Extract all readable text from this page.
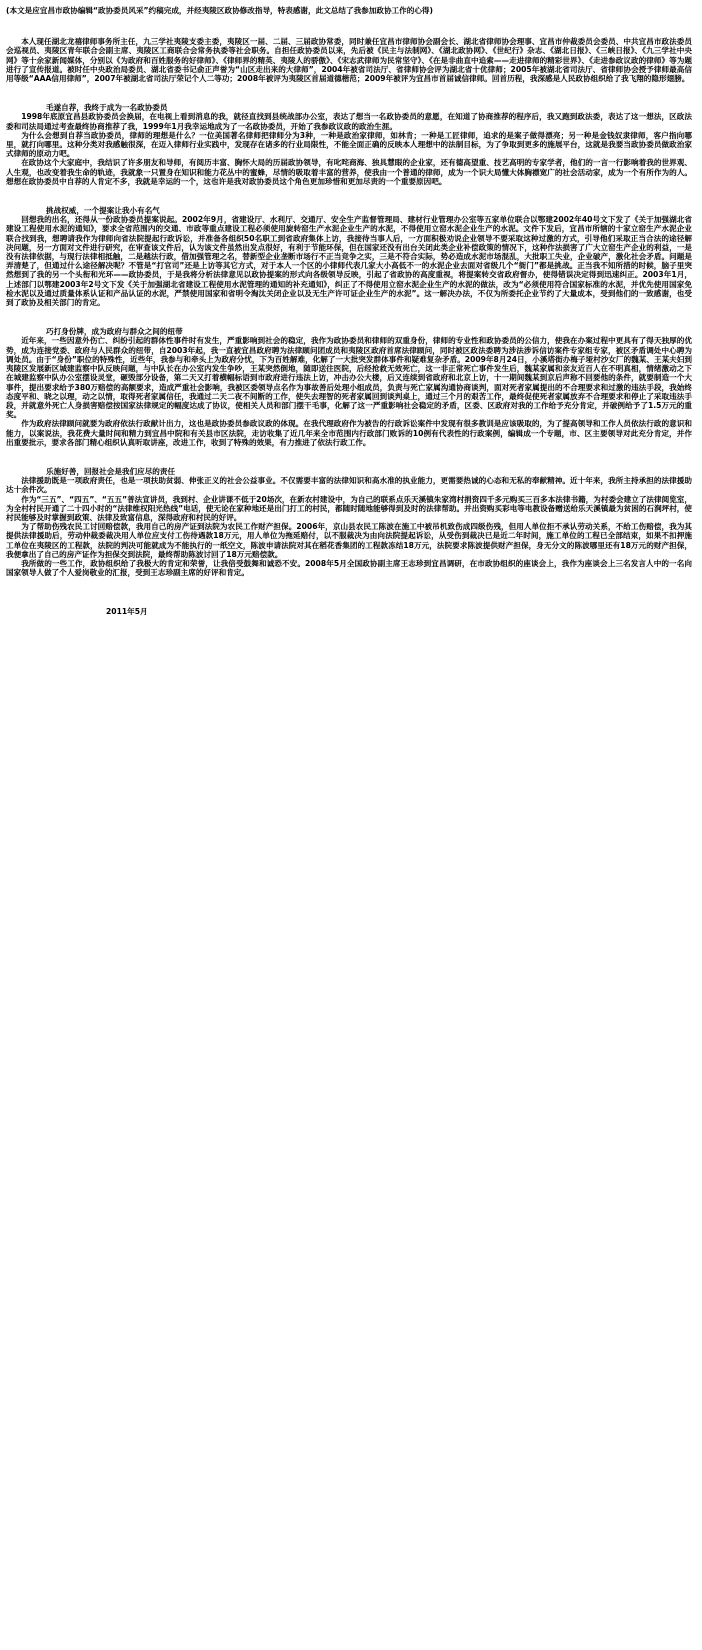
(本文是应宜昌市政协编辑“政协委员风采”约稿完成，并经夷陵区政协修改指导，特表感谢，此文总结了我参加政协工作的心得)

本人现任湖北龙禧律师事务所主任，九三学社夷陵支委主委，夷陵区一届、二届、三届政协常委，同时兼任宜昌市律师协会副会长、湖北省律师协会理事、宜昌市仲裁委员会委员、中共宜昌市政法委员会巡视员、夷陵区青年联合会副主席、夷陵区工商联合会常务执委等社会职务。自担任政协委员以来，先后被《民主与法制网》、《湖北政协网》、《世纪行》杂志、《湖北日报》、《三峡日报》、《九三学社中央网》等十余家新闻媒体，分别以《为政府和百姓服务的好律师》、《律师界的精英、夷陵人的骄傲》、《宋志武律师为民常坚守》、《在是非曲直中追索——走进律师的精彩世界》、《走进参政议政的律师》等为题进行了宣传报道。被时任中央政治局委员、湖北省委书记俞正声誉为“山区走出来的大律师”，2004年被省司法厅、省律师协会评为湖北省十优律师；2005年被湖北省司法厅、省律师协会授予律师最高信用等级“AAA信用律师”，2007年被湖北省司法厅荣记个人二等功；2008年被评为夷陵区首届道德楷范；2009年被评为宜昌市首届诚信律师。回首历程，我深感是人民政协组织给了我飞翔的隐形翅膀。

毛遂自荐，我终于成为一名政协委员

1998年底原宜昌县政协委员会换届，在电视上看到消息的我，就径直找到县统战部办公室，表达了想当一名政协委员的意愿，在知道了协商推荐的程序后，我又跑到政法委，表达了这一想法，区政法委和司法局通过考查最终协商推荐了我，1999年1月我幸运地成为了一名政协委员，开始了我参政议政的政治生涯。

为什么会想到自荐当政协委员，律师的理想是什么？一位美国著名律师把律师分为3种，一种是政治家律师，如林肯；一种是工匠律师，追求的是案子做得漂亮；另一种是金钱奴隶律师，客户指向哪里，就打向哪里。这种分类对我感触很深，在迈入律师行业实践中，发现存在诸多的行业局限性，不能全面正确的反映本人理想中的法制目标，为了争取到更多的施展平台，这就是我要当政协委员做政治家式律师的原动力吧。

在政协这个大家庭中，我结识了许多朋友和导师，有阅历丰富、胸怀大局的历届政协领导，有叱咤商海、独具慧眼的企业家，还有德高望重、技艺高明的专家学者，他们的一言一行影响着我的世界观、人生观，也改变着我生命的轨迹，我就象一只置身在知识和能力花丛中的蜜蜂，尽情的吸取着丰富的营养，使我由一个普通的律师，成为一个识大局懂大体胸襟宽广的社会活动家，成为一个有所作为的人。想想在政协委员中自荐的人肯定不多，我就是幸运的一个，这也许是我对政协委员这个角色更加珍惜和更加尽责的一个重要原因吧。

挑战权威，一个提案让我小有名气

回想我的出名，还得从一份政协委员提案说起。2002年9月，省建设厅、水利厅、交通厅、安全生产监督管理局、建材行业管理办公室等五家单位联合以鄂建2002年40号文下发了《关于加强湖北省建设工程使用水泥的通知》，要求全省范围内的交通、市政等重点建设工程必须使用旋转窑生产水泥企业生产的水泥，不得使用立窑水泥企业生产的水泥。文件下发后，宜昌市所辖的十家立窑生产水泥企业联合找到我，想聘请我作为律师向省法院提起行政诉讼，并准备各组织50名职工到省政府集体上访，我接待当事人后，一方面积极劝说企业领导不要采取这种过激的方式，引导他们采取正当合法的途径解决问题，另一方面对文件进行研究，在审查该文件后，认为该文件虽然出发点很好，有利于节能环保，但在国家还没有出台关闭此类企业补偿政策的情况下，这种作法损害了广大立窑生产企业的利益，一是没有法律依据，与现行法律相抵触，二是越法行政，借加强管理之名，替新型企业垄断市场行不正当竞争之实，三是不符合实际，势必造成水泥市场混乱，大批职工失业，企业破产，激化社会矛盾。问题是弄清楚了，但通过什么途径解决呢？不管是“打官司”还是上访等其它方式，对于本人一个区的小律师代表几家大小高低不一的水泥企业去面对省级几个“衙门”都是挑战。正当我不知所措的时候，脑子里突然想到了我的另一个头衔和光环——政协委员，于是我将分析法律意见以政协提案的形式向各级领导反映，引起了省政协的高度重视，将提案转交省政府督办，使得错误决定得到迅速纠正。2003年1月，上述部门以鄂建2003年2号文下发《关于加强湖北省建设工程使用水泥管理的通知的补充通知》，纠正了不得使用立窑水泥企业生产的水泥的做法，改为“必须使用符合国家标准的水泥，并优先使用国家免检水泥以及通过质量体系认证和产品认证的水泥，严禁使用国家和省明令淘汰关闭企业以及无生产许可证企业生产的水泥”。这一解决办法，不仅为所委托企业节约了大量成本，受到他们的一致感谢，也受到了政协及相关部门的肯定。

巧打身份牌，成为政府与群众之间的纽带

近年来，一些因意外伤亡、纠纷引起的群体性事件时有发生，严重影响到社会的稳定，我作为政协委员和律师的双重身份，律师的专业性和政协委员的公信力，使我在办案过程中更具有了得天独厚的优势，成为连接党委、政府与人民群众的纽带，自2003年起，我一直被宜昌政府聘为法律顾问团成员和夷陵区政府首席法律顾问，同时被区政法委聘为涉法涉诉信访案件专家组专家，被区矛盾调处中心聘为调处员。由于“身份”职位的特殊性，近些年，我参与和牵头上为政府分忧，下为百姓解难，化解了一大批突发群体事件和疑难复杂矛盾。2009年8月24日，小溪塔街办梅子垭村沙女厂的魏某、王某夫妇到夷陵区发展新区城建监察中队反映问题，与中队长在办公室内发生争吵，王某突然倒地，随即送往医院，后经抢救无效死亡，这一非正常死亡事件发生后，魏某家属和亲友近百人在不明真相，情绪激动之下在城建监察中队办公室摆设灵堂，砸毁部分设备，第二天又打着横幅标语到市政府进行违法上访，冲击办公大楼，后又连续到省政府和北京上访，十一期间魏某到京后声称不回要他的条件，就要制造一个大事件，提出要求给予380万赔偿的高额要求，造成严重社会影响，我被区委领导点名作为事故善后处理小组成员，负责与死亡家属沟通协商谈判，面对死者家属提出的不合理要求和过激的违法手段，我始终态度平和、晓之以理，动之以情，取得死者家属信任，我通过二天二夜不间断的工作，使失去理智的死者家属回到谈判桌上，通过三个月的艰苦工作，最终促使死者家属放弃不合理要求和停止了采取违法手段，并就意外死亡人身损害赔偿按国家法律规定的幅度达成了协议，使相关人员和部门摆干毛事，化解了这一严重影响社会稳定的矛盾，区委、区政府对我的工作给予充分肯定，并破例给予了1.5万元的重奖。

作为政府法律顾问就要为政府依法行政献计出力，这也是政协委员参政议政的体现。在我代理政府作为被告的行政诉讼案件中发现有很多教训是应该吸取的，为了提高领导和工作人员依法行政的意识和能力，以案说法，我花费大量时间和精力到宜昌中院和有关县市区法院，走访收集了近几年来全市范围内行政部门败诉的10例有代表性的行政案例，编辑成一个专题，市、区主要领导对此充分肯定，并作出重要批示，要求各部门精心组织认真听取讲座，改进工作，收到了特殊的效果，有力推进了依法行政工作。

乐施好善，回报社会是我们应尽的责任

法律援助既是一项政府责任，也是一项扶助贫弱、伸张正义的社会公益事业。不仅需要丰富的法律知识和高水准的执业能力，更需要热诚的心态和无私的奉献精神。近十年来，我所主持承担的法律援助达十余件次。

作为“三五”、“四五”、“五五”普法宣讲员，我到村、企业讲课不低于20场次，在新农村建设中，为自己的联系点乐天溪镇朱家湾村捐资四千多元购买三百多本法律书籍，为村委会建立了法律阅览室，为全村村民开通了二十四小时的“法律维权阳光热线”电话，使无论在家种地还是出门打工的村民，都随时随地能够得到及时的法律帮助。并出资购买彩电等电教设备赠送给乐天溪镇最为贫困的石涧坪村，使村民能够及时掌握到政策、法律及致富信息，深得政府和村民的好评。

为了帮助伤残农民工讨回赔偿款，我用自己的房产证到法院为农民工作财产担保。2006年，京山县农民工陈波在施工中被吊机致伤成四级伤残，但用人单位拒不承认劳动关系，不给工伤赔偿，我为其提供法律援助后，劳动仲裁委裁决用人单位应支付工伤待遇款18万元，用人单位为拖延赔付，以不服裁决为由向法院提起诉讼，从受伤到裁决已是近二年时间，施工单位的工程已全部结束，如果不扣押施工单位在夷陵区的工程款，法院的判决可能就成为不能执行的一纸空文，陈波申请法院对其在稻花香集团的工程款冻结18万元，法院要求陈波提供财产担保，身无分文的陈波哪里还有18万元的财产担保，我便拿出了自己的房产证作为担保交到法院，最终帮助陈波讨回了18万元赔偿款。

我所做的一些工作，政协组织给了我极大的肯定和荣誉，让我倍受鼓舞和诚恐不安。2008年5月全国政协副主席王志珍到宜昌调研，在市政协组织的座谈会上，我作为座谈会上三名发言人中的一名向国家领导人做了个人爱岗敬业的汇报，受到王志珍副主席的好评和肯定。

2011年5月
